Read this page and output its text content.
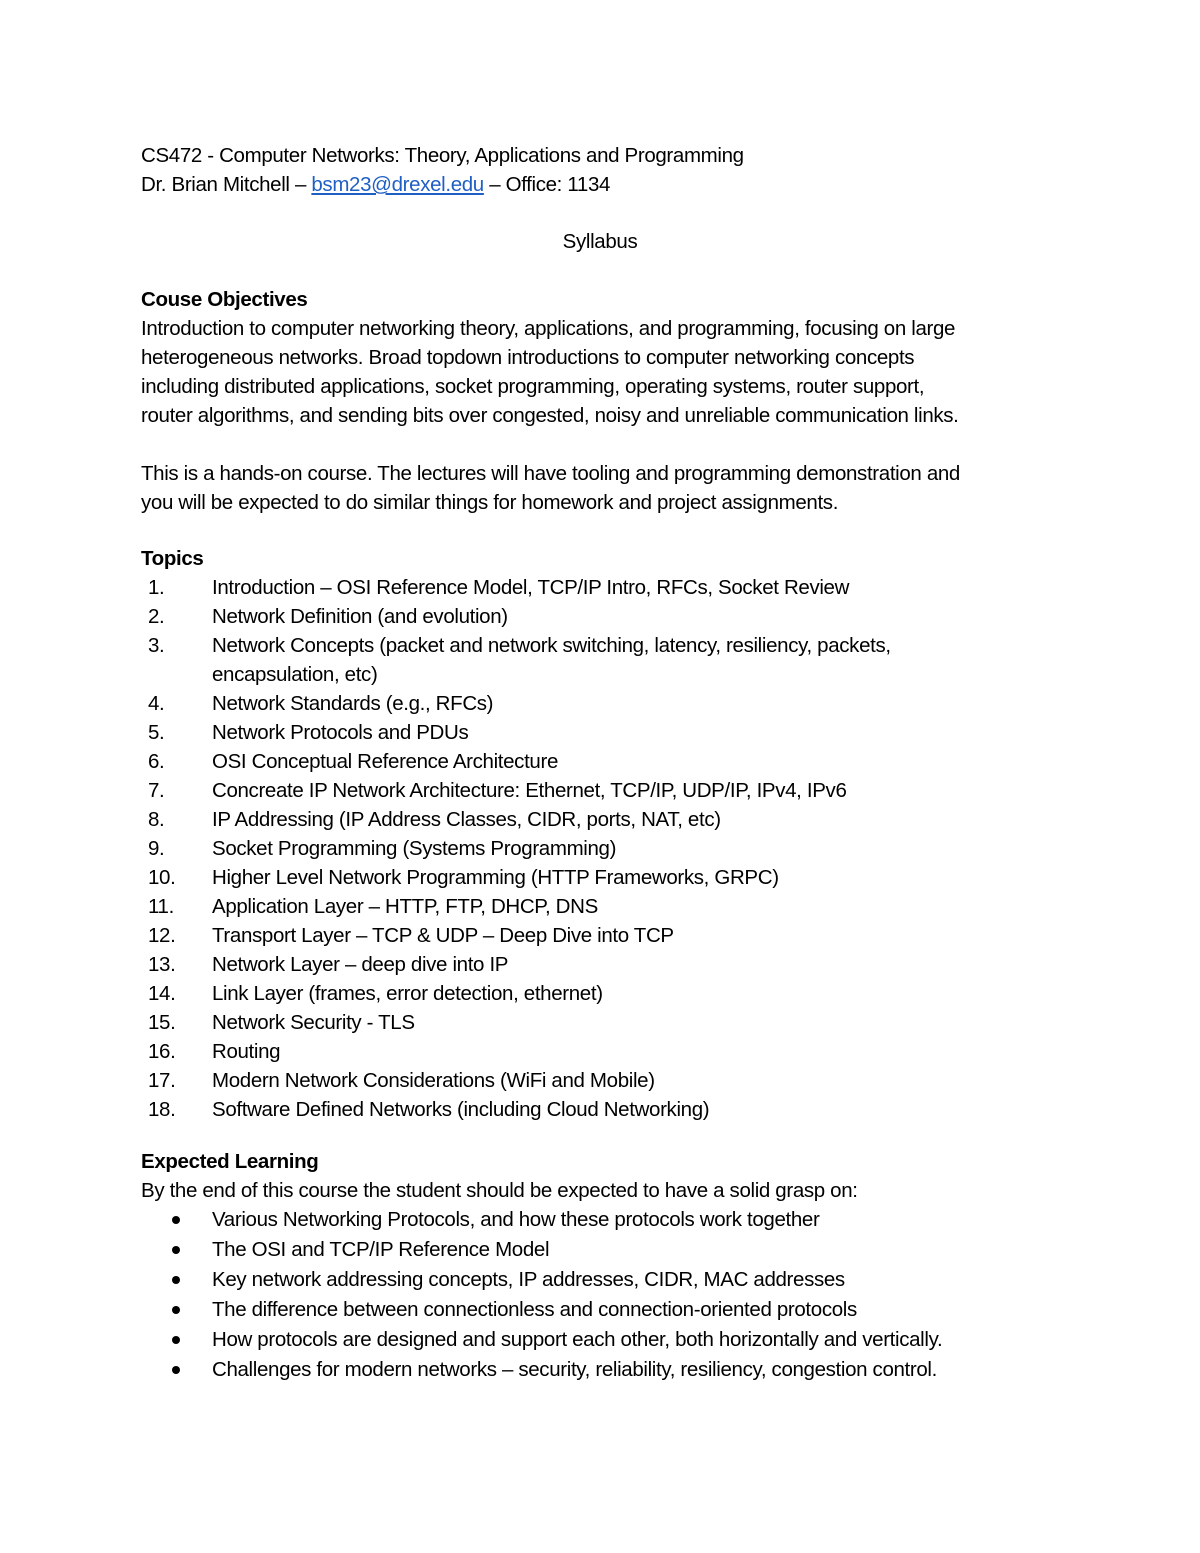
CS472 - Computer Networks: Theory, Applications and Programming
Dr. Brian Mitchell – bsm23@drexel.edu – Office: 1134
Syllabus
Couse Objectives
Introduction to computer networking theory, applications, and programming, focusing on large
heterogeneous networks. Broad topdown introductions to computer networking concepts
including distributed applications, socket programming, operating systems, router support,
router algorithms, and sending bits over congested, noisy and unreliable communication links.
This is a hands-on course. The lectures will have tooling and programming demonstration and
you will be expected to do similar things for homework and project assignments.
Topics
1.	Introduction – OSI Reference Model, TCP/IP Intro, RFCs, Socket Review
2.	Network Definition (and evolution)
3.	Network Concepts (packet and network switching, latency, resiliency, packets,
encapsulation, etc)
4.	Network Standards (e.g., RFCs)
5.	Network Protocols and PDUs
6.	OSI Conceptual Reference Architecture
7.	Concreate IP Network Architecture: Ethernet, TCP/IP, UDP/IP, IPv4, IPv6
8.	IP Addressing (IP Address Classes, CIDR, ports, NAT, etc)
9.	Socket Programming (Systems Programming)
10.	Higher Level Network Programming (HTTP Frameworks, GRPC)
11.	Application Layer – HTTP, FTP, DHCP, DNS
12.	Transport Layer – TCP & UDP – Deep Dive into TCP
13.	Network Layer – deep dive into IP
14.	Link Layer (frames, error detection, ethernet)
15.	Network Security - TLS
16.	Routing
17.	Modern Network Considerations (WiFi and Mobile)
18.	Software Defined Networks (including Cloud Networking)
Expected Learning
By the end of this course the student should be expected to have a solid grasp on:
Various Networking Protocols, and how these protocols work together
The OSI and TCP/IP Reference Model
Key network addressing concepts, IP addresses, CIDR, MAC addresses
The difference between connectionless and connection-oriented protocols
How protocols are designed and support each other, both horizontally and vertically.
Challenges for modern networks – security, reliability, resiliency, congestion control.
